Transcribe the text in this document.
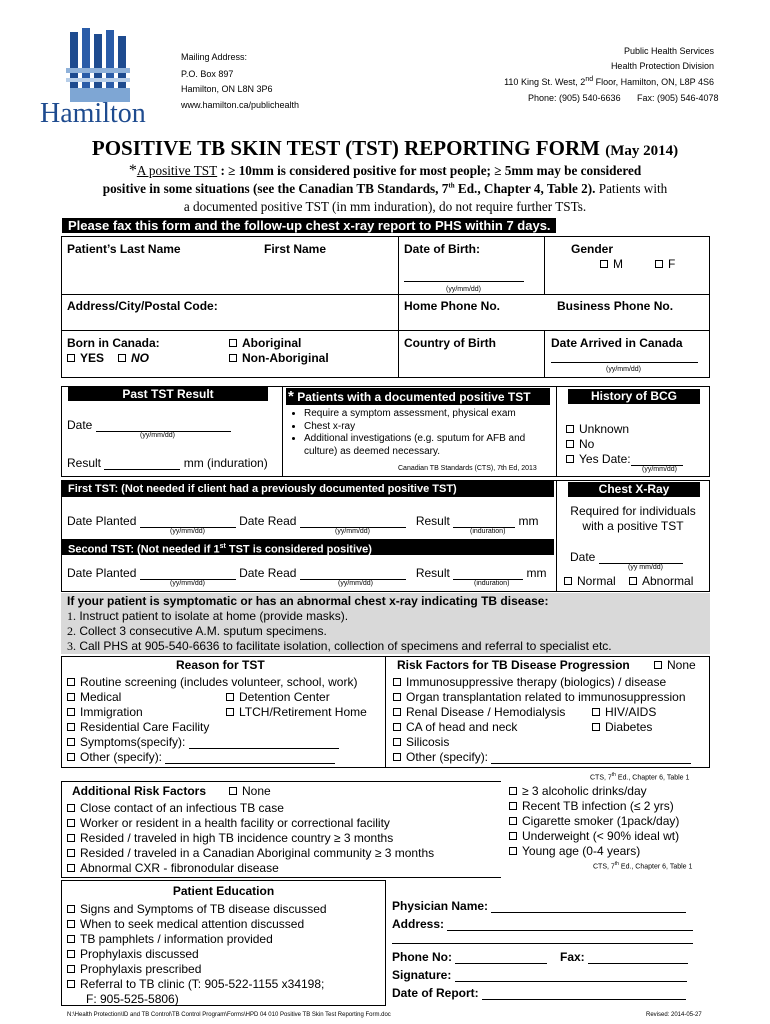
Hamilton
Mailing Address:
P.O. Box 897
Hamilton, ON L8N 3P6
www.hamilton.ca/publichealth
Public Health Services
Health Protection Division
110 King St. West, 2nd Floor, Hamilton, ON, L8P 4S6
Phone: (905) 540-6636 Fax: (905) 546-4078
POSITIVE TB SKIN TEST (TST) REPORTING FORM (May 2014)
*A positive TST : ≥ 10mm is considered positive for most people; ≥ 5mm may be considered
positive in some situations (see the Canadian TB Standards, 7th Ed., Chapter 4, Table 2). Patients with
a documented positive TST (in mm induration), do not require further TSTs.
Please fax this form and the follow-up chest x-ray report to PHS within 7 days.
Patient’s Last Name	First Name	Date of Birth:
(yy/mm/dd)
Gender
M	F
Address/City/Postal Code:	Home Phone No.	Business Phone No.
Born in Canada:
YES	NO
Aboriginal
Non-Aboriginal
Country of Birth	Date Arrived in Canada
(yy/mm/dd)
Past TST Result
Date
(yy/mm/dd)
Result	mm (induration)
* Patients with a documented positive TST
• Require a symptom assessment, physical exam
• Chest x-ray
• Additional investigations (e.g. sputum for AFB and culture) as deemed necessary.
Canadian TB Standards (CTS), 7th Ed, 2013
History of BCG
Unknown
No
Yes Date:
(yy/mm/dd)
First TST: (Not needed if client had a previously documented positive TST)
Date Planted	Date Read	Result	mm
(yy/mm/dd)	(yy/mm/dd)	(induration)
Second TST: (Not needed if 1st TST is considered positive)
Date Planted	Date Read	Result	mm
(yy/mm/dd)	(yy/mm/dd)	(induration)
Chest X-Ray
Required for individuals
with a positive TST
Date
(yy mm/dd)
Normal	Abnormal
If your patient is symptomatic or has an abnormal chest x-ray indicating TB disease:
1. Instruct patient to isolate at home (provide masks).
2. Collect 3 consecutive A.M. sputum specimens.
3. Call PHS at 905-540-6636 to facilitate isolation, collection of specimens and referral to specialist etc.
Reason for TST
Routine screening (includes volunteer, school, work)
Medical	Detention Center
Immigration	LTCH/Retirement Home
Residential Care Facility
Symptoms(specify):
Other (specify):
Risk Factors for TB Disease Progression	None
Immunosuppressive therapy (biologics) / disease
Organ transplantation related to immunosuppression
Renal Disease / Hemodialysis	HIV/AIDS
CA of head and neck	Diabetes
Silicosis
Other (specify):
CTS, 7th Ed., Chapter 6, Table 1
Additional Risk Factors	None
Close contact of an infectious TB case
Worker or resident in a health facility or correctional facility
Resided / traveled in high TB incidence country ≥ 3 months
Resided / traveled in a Canadian Aboriginal community ≥ 3 months
Abnormal CXR - fibronodular disease
≥ 3 alcoholic drinks/day
Recent TB infection (≤ 2 yrs)
Cigarette smoker (1pack/day)
Underweight (< 90% ideal wt)
Young age (0-4 years)
CTS, 7th Ed., Chapter 6, Table 1
Patient Education
Signs and Symptoms of TB disease discussed
When to seek medical attention discussed
TB pamphlets / information provided
Prophylaxis discussed
Prophylaxis prescribed
Referral to TB clinic (T: 905-522-1155 x34198;
F: 905-525-5806)
Physician Name:
Address:
Phone No:	Fax:
Signature:
Date of Report:
N:\Health Protection\ID and TB Control\TB Control Program\Forms\HPD 04 010 Positive TB Skin Test Reporting Form.doc	Revised: 2014-05-27
